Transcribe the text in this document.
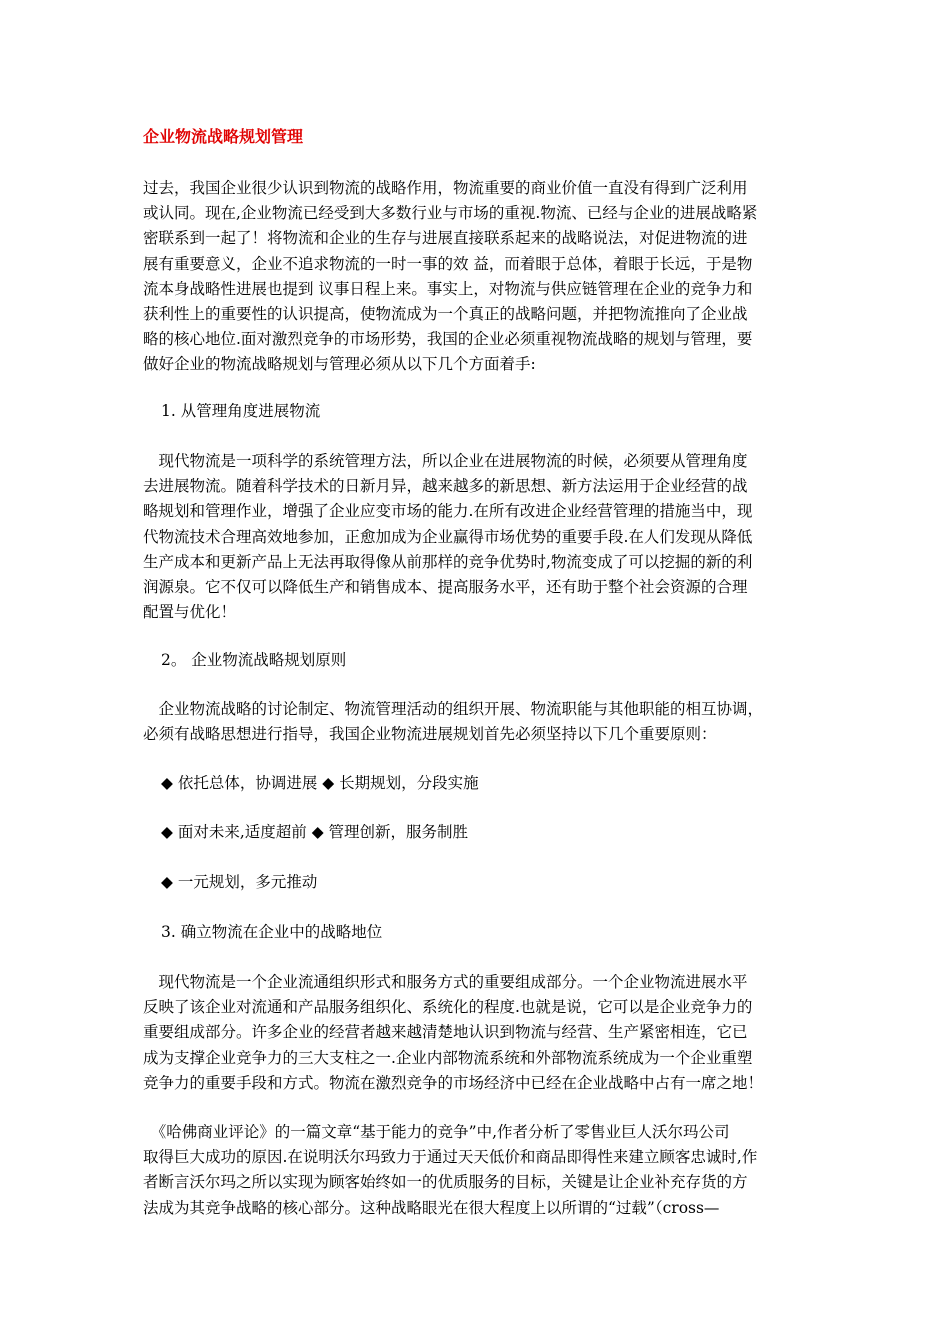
企业物流战略规划管理
过去，我国企业很少认识到物流的战略作用，物流重要的商业价值一直没有得到广泛利用
或认同。现在,企业物流已经受到大多数行业与市场的重视.物流、已经与企业的进展战略紧
密联系到一起了！将物流和企业的生存与进展直接联系起来的战略说法，对促进物流的进
展有重要意义，企业不追求物流的一时一事的效 益，而着眼于总体，着眼于长远，于是物
流本身战略性进展也提到 议事日程上来。事实上，对物流与供应链管理在企业的竞争力和
获利性上的重要性的认识提高，使物流成为一个真正的战略问题，并把物流推向了企业战
略的核心地位.面对激烈竞争的市场形势，我国的企业必须重视物流战略的规划与管理，要
做好企业的物流战略规划与管理必须从以下几个方面着手:
1. 从管理角度进展物流
　现代物流是一项科学的系统管理方法，所以企业在进展物流的时候，必须要从管理角度
去进展物流。随着科学技术的日新月异，越来越多的新思想、新方法运用于企业经营的战
略规划和管理作业，增强了企业应变市场的能力.在所有改进企业经营管理的措施当中，现
代物流技术合理高效地参加，正愈加成为企业赢得市场优势的重要手段.在人们发现从降低
生产成本和更新产品上无法再取得像从前那样的竞争优势时,物流变成了可以挖掘的新的利
润源泉。它不仅可以降低生产和销售成本、提高服务水平，还有助于整个社会资源的合理
配置与优化！
2。 企业物流战略规划原则
　企业物流战略的讨论制定、物流管理活动的组织开展、物流职能与其他职能的相互协调，
必须有战略思想进行指导，我国企业物流进展规划首先必须坚持以下几个重要原则：
◆ 依托总体，协调进展 ◆ 长期规划，分段实施
◆ 面对未来,适度超前 ◆ 管理创新，服务制胜
◆ 一元规划，多元推动
3. 确立物流在企业中的战略地位
　现代物流是一个企业流通组织形式和服务方式的重要组成部分。一个企业物流进展水平
反映了该企业对流通和产品服务组织化、系统化的程度.也就是说，它可以是企业竞争力的
重要组成部分。许多企业的经营者越来越清楚地认识到物流与经营、生产紧密相连，它已
成为支撑企业竞争力的三大支柱之一.企业内部物流系统和外部物流系统成为一个企业重塑
竞争力的重要手段和方式。物流在激烈竞争的市场经济中已经在企业战略中占有一席之地！
　《哈佛商业评论》的一篇文章“基于能力的竞争”中,作者分析了零售业巨人沃尔玛公司
取得巨大成功的原因.在说明沃尔玛致力于通过天天低价和商品即得性来建立顾客忠诚时,作
者断言沃尔玛之所以实现为顾客始终如一的优质服务的目标，关键是让企业补充存货的方
法成为其竞争战略的核心部分。这种战略眼光在很大程度上以所谓的“过载”（cross—
